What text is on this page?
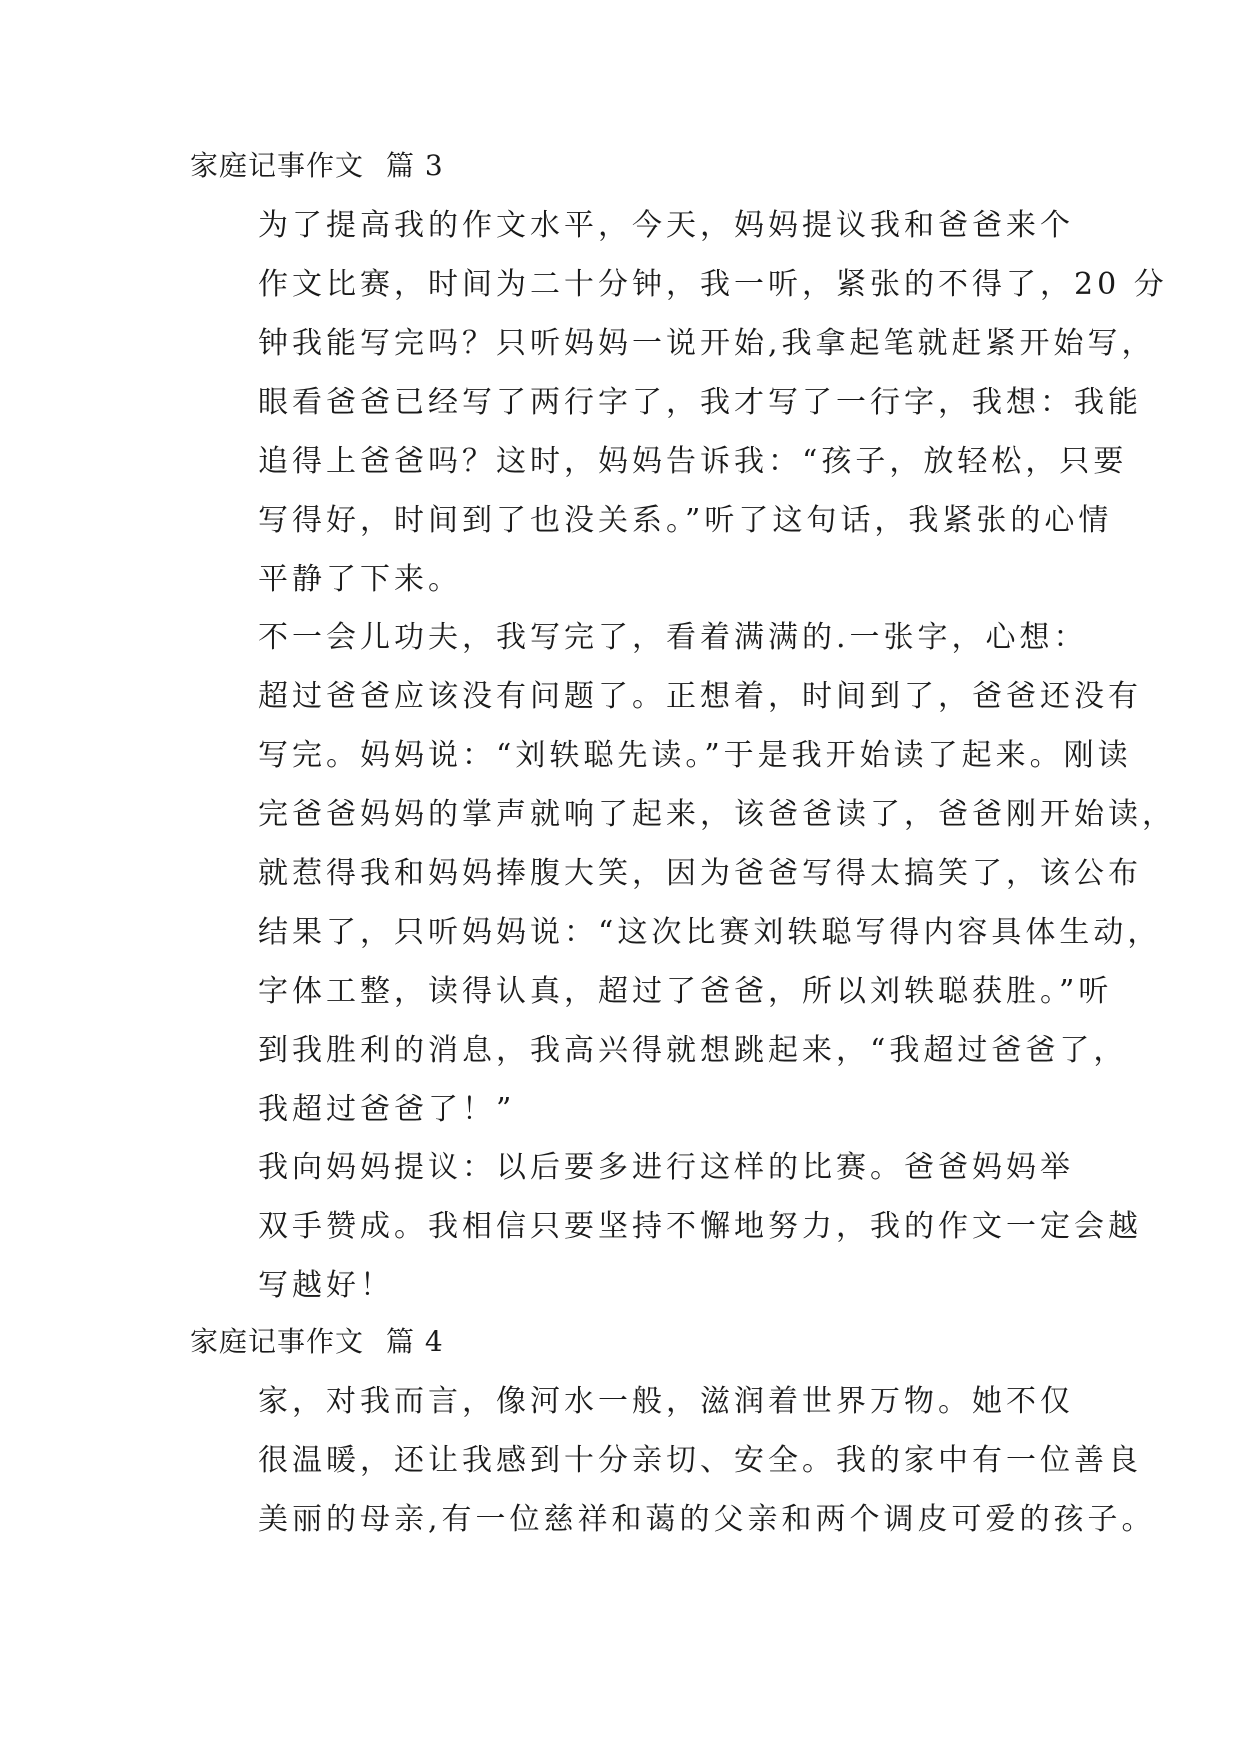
家庭记事作文 篇 3
为了提高我的作文水平，今天，妈妈提议我和爸爸来个
作文比赛，时间为二十分钟，我一听，紧张的不得了，20 分
钟我能写完吗？只听妈妈一说开始,我拿起笔就赶紧开始写，
眼看爸爸已经写了两行字了，我才写了一行字，我想：我能
追得上爸爸吗？这时，妈妈告诉我：“孩子，放轻松，只要
写得好，时间到了也没关系。”听了这句话，我紧张的心情
平静了下来。
不一会儿功夫，我写完了，看着满满的.一张字，心想：
超过爸爸应该没有问题了。正想着，时间到了，爸爸还没有
写完。妈妈说：“刘轶聪先读。”于是我开始读了起来。刚读
完爸爸妈妈的掌声就响了起来，该爸爸读了，爸爸刚开始读，
就惹得我和妈妈捧腹大笑，因为爸爸写得太搞笑了，该公布
结果了，只听妈妈说：“这次比赛刘轶聪写得内容具体生动，
字体工整，读得认真，超过了爸爸，所以刘轶聪获胜。”听
到我胜利的消息，我高兴得就想跳起来，“我超过爸爸了，
我超过爸爸了！”
我向妈妈提议：以后要多进行这样的比赛。爸爸妈妈举
双手赞成。我相信只要坚持不懈地努力，我的作文一定会越
写越好！
家庭记事作文 篇 4
家，对我而言，像河水一般，滋润着世界万物。她不仅
很温暖，还让我感到十分亲切、安全。我的家中有一位善良
美丽的母亲,有一位慈祥和蔼的父亲和两个调皮可爱的孩子。
